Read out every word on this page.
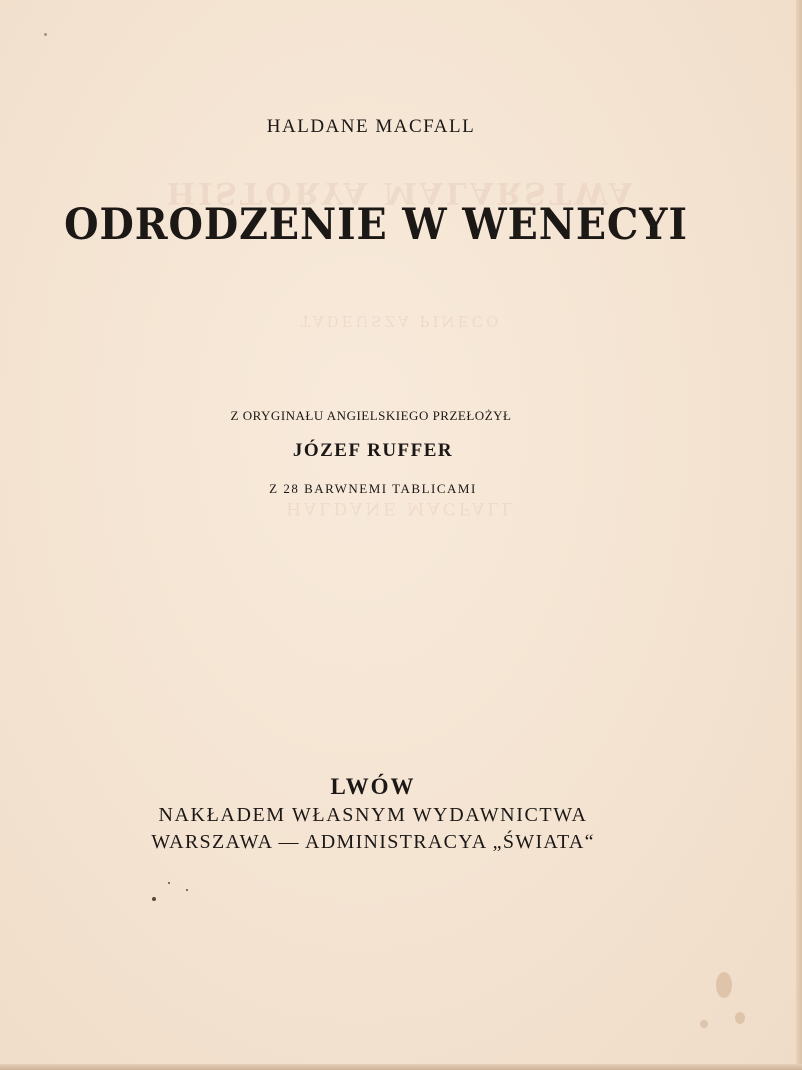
HISTORYA MALARSTWA
TADEUSZA PINECO
HALDANE MACFALL
HALDANE MACFALL
ODRODZENIE W WENECYI
Z ORYGINAŁU ANGIELSKIEGO PRZEŁOŻYŁ
JÓZEF RUFFER
Z 28 BARWNEMI TABLICAMI
LWÓW
NAKŁADEM WŁASNYM WYDAWNICTWA
WARSZAWA — ADMINISTRACYA „ŚWIATA“
